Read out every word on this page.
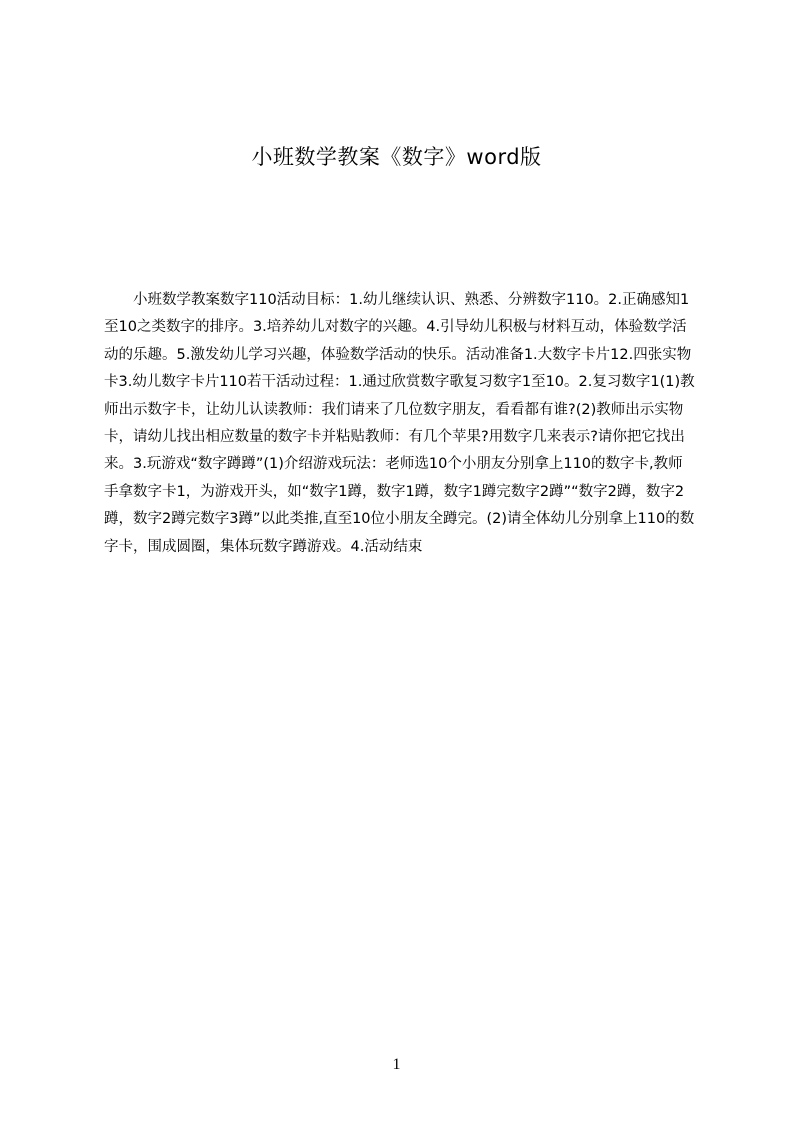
小班数学教案《数字》word版

小班数学教案数字110活动目标：1.幼儿继续认识、熟悉、分辨数字110。2.正确感知1至10之类数字的排序。3.培养幼儿对数字的兴趣。4.引导幼儿积极与材料互动，体验数学活动的乐趣。5.激发幼儿学习兴趣，体验数学活动的快乐。活动准备1.大数字卡片12.四张实物卡3.幼儿数字卡片110若干活动过程：1.通过欣赏数字歌复习数字1至10。2.复习数字1(1)教师出示数字卡，让幼儿认读教师：我们请来了几位数字朋友，看看都有谁?(2)教师出示实物卡，请幼儿找出相应数量的数字卡并粘贴教师：有几个苹果?用数字几来表示?请你把它找出来。3.玩游戏“数字蹲蹲”(1)介绍游戏玩法：老师选10个小朋友分别拿上110的数字卡,教师手拿数字卡1，为游戏开头，如“数字1蹲，数字1蹲，数字1蹲完数字2蹲”“数字2蹲，数字2蹲，数字2蹲完数字3蹲”以此类推,直至10位小朋友全蹲完。(2)请全体幼儿分别拿上110的数字卡，围成圆圈，集体玩数字蹲游戏。4.活动结束

1
